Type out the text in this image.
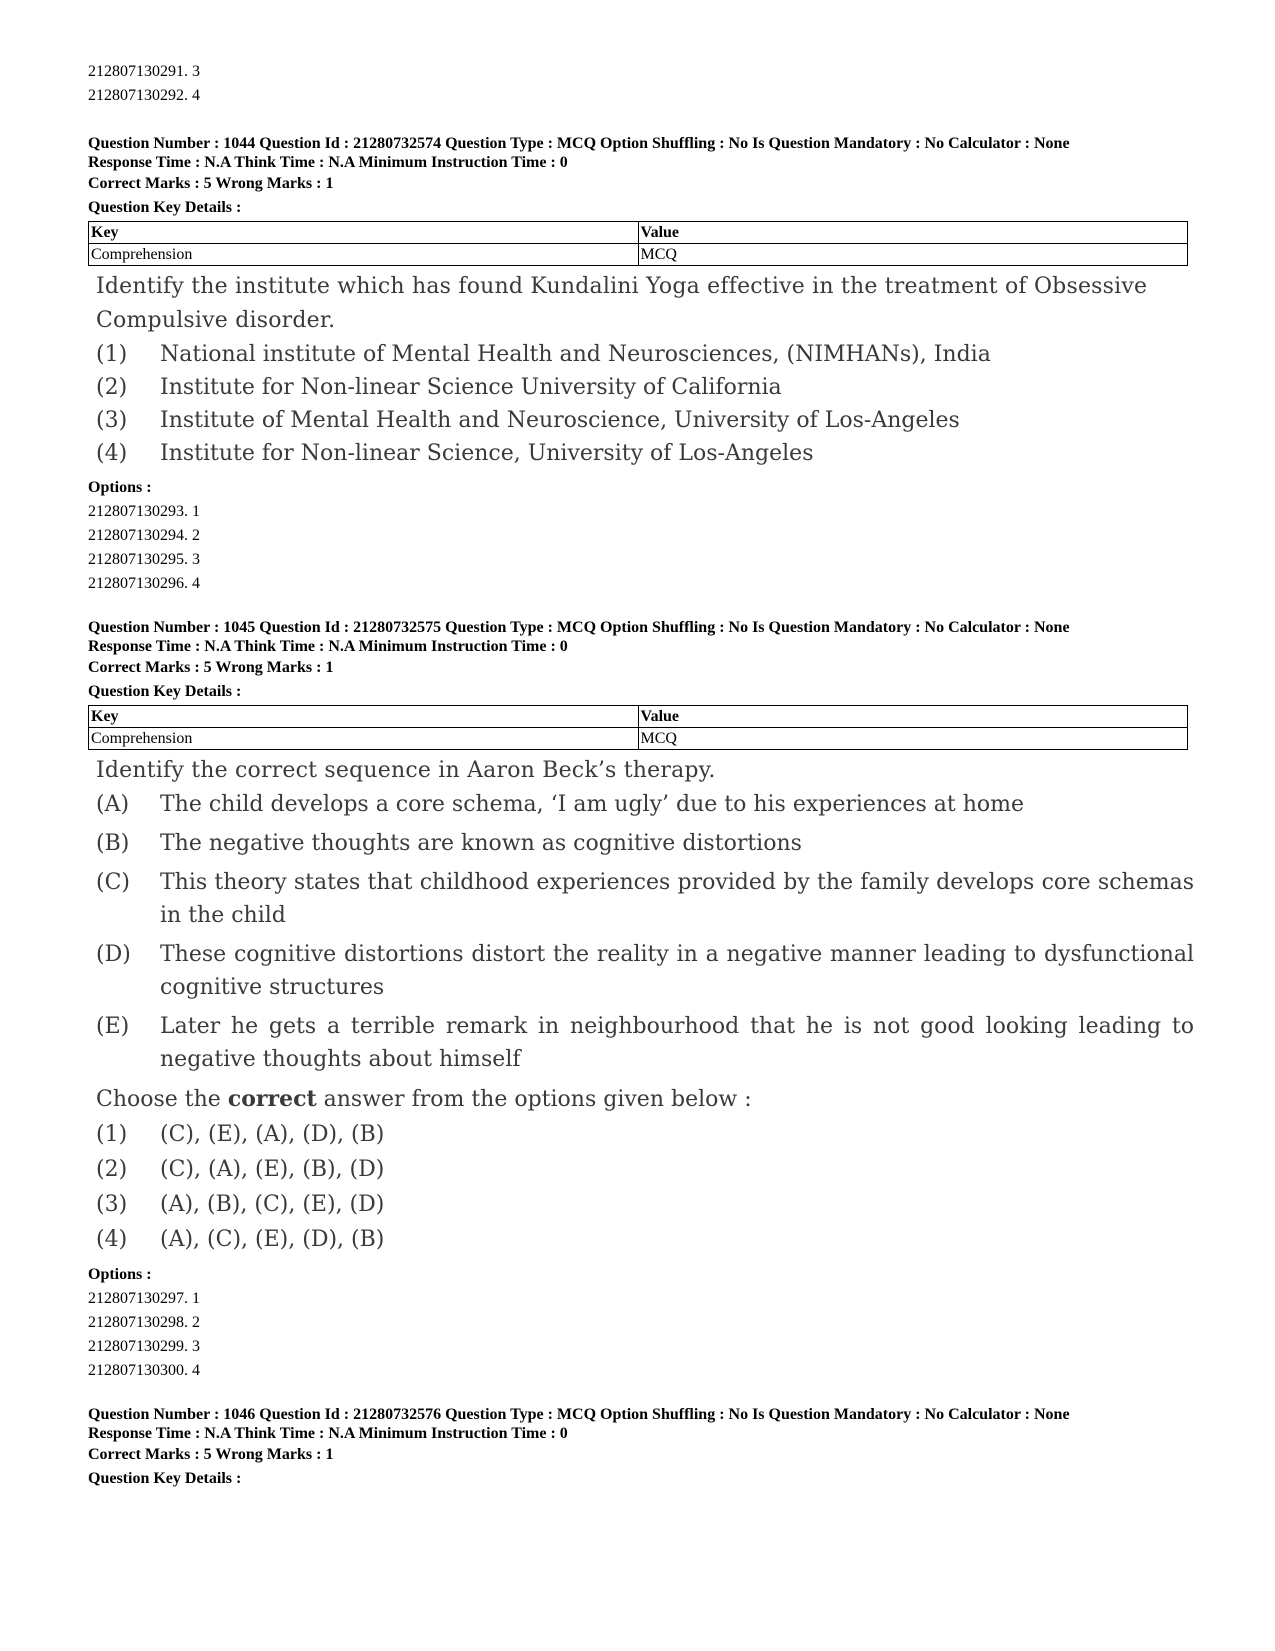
212807130291. 3

212807130292. 4

Question Number : 1044 Question Id : 21280732574 Question Type : MCQ Option Shuffling : No Is Question Mandatory : No Calculator : None

Response Time : N.A Think Time : N.A Minimum Instruction Time : 0

Correct Marks : 5 Wrong Marks : 1

Question Key Details :

Key	Value
Comprehension	MCQ

Identify the institute which has found Kundalini Yoga effective in the treatment of Obsessive Compulsive disorder.

(1)	National institute of Mental Health and Neurosciences, (NIMHANs), India
(2)	Institute for Non-linear Science University of California
(3)	Institute of Mental Health and Neuroscience, University of Los-Angeles
(4)	Institute for Non-linear Science, University of Los-Angeles

Options :

212807130293. 1

212807130294. 2

212807130295. 3

212807130296. 4

Question Number : 1045 Question Id : 21280732575 Question Type : MCQ Option Shuffling : No Is Question Mandatory : No Calculator : None

Response Time : N.A Think Time : N.A Minimum Instruction Time : 0

Correct Marks : 5 Wrong Marks : 1

Question Key Details :

Key	Value
Comprehension	MCQ

Identify the correct sequence in Aaron Beck’s therapy.

(A)	The child develops a core schema, ‘I am ugly’ due to his experiences at home
(B)	The negative thoughts are known as cognitive distortions
(C)	This theory states that childhood experiences provided by the family develops core schemas in the child
(D)	These cognitive distortions distort the reality in a negative manner leading to dysfunctional cognitive structures
(E)	Later he gets a terrible remark in neighbourhood that he is not good looking leading to negative thoughts about himself

Choose the correct answer from the options given below :

(1)	(C), (E), (A), (D), (B)
(2)	(C), (A), (E), (B), (D)
(3)	(A), (B), (C), (E), (D)
(4)	(A), (C), (E), (D), (B)

Options :

212807130297. 1

212807130298. 2

212807130299. 3

212807130300. 4

Question Number : 1046 Question Id : 21280732576 Question Type : MCQ Option Shuffling : No Is Question Mandatory : No Calculator : None

Response Time : N.A Think Time : N.A Minimum Instruction Time : 0

Correct Marks : 5 Wrong Marks : 1

Question Key Details :
